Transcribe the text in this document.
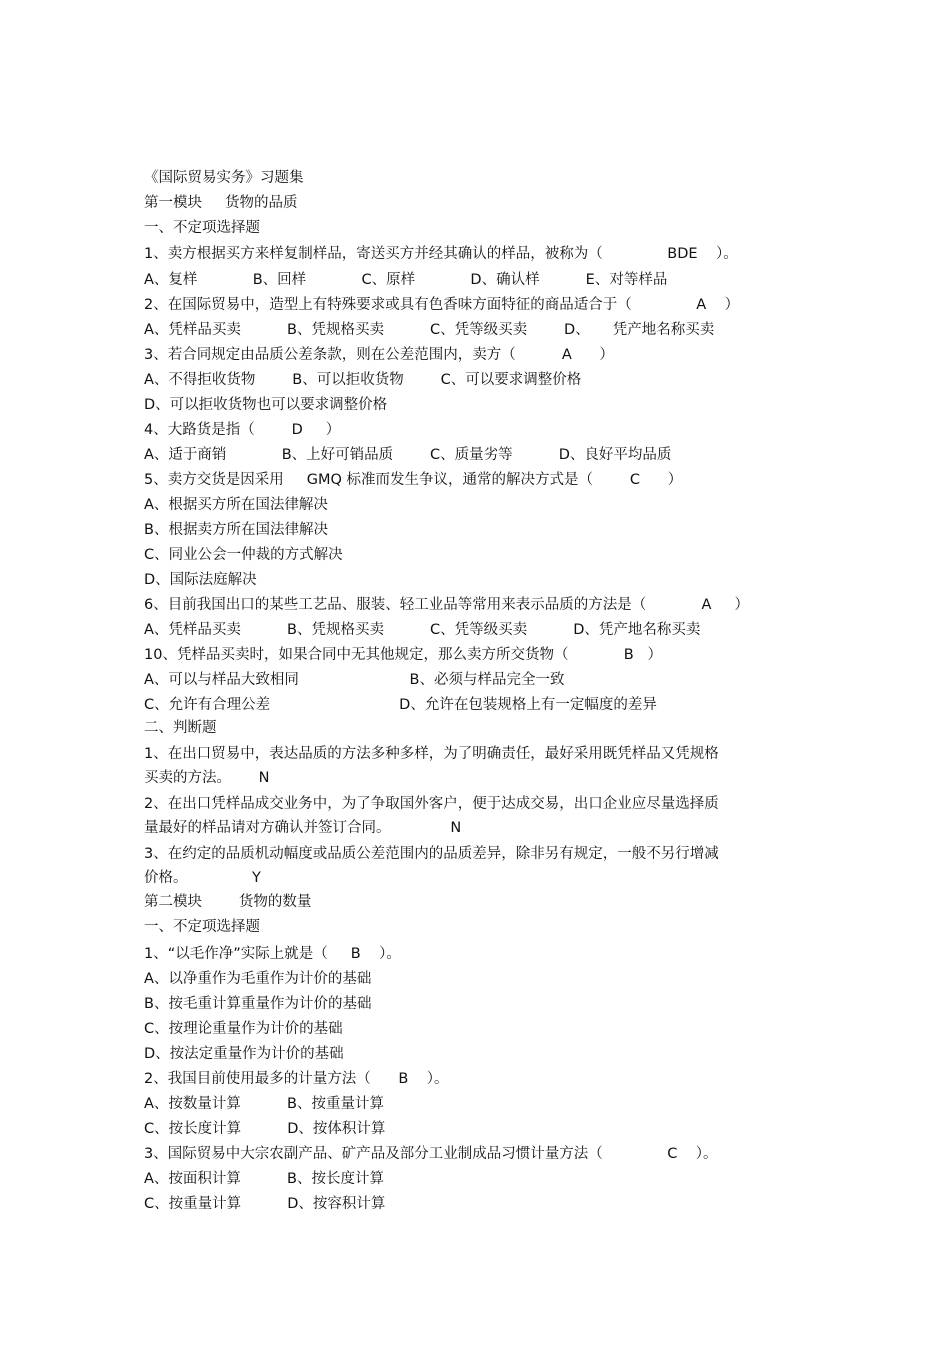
《国际贸易实务》习题集
第一模块     货物的品质
一、不定项选择题
1、卖方根据买方来样复制样品，寄送买方并经其确认的样品，被称为（              BDE    ）。
A、复样            B、回样            C、原样            D、确认样          E、对等样品
2、在国际贸易中，造型上有特殊要求或具有色香味方面特征的商品适合于（              A    ）
A、凭样品买卖          B、凭规格买卖          C、凭等级买卖        D、     凭产地名称买卖
3、若合同规定由品质公差条款，则在公差范围内，卖方（          A      ）
A、不得拒收货物        B、可以拒收货物        C、可以要求调整价格
D、可以拒收货物也可以要求调整价格
4、大路货是指（        D     ）
A、适于商销            B、上好可销品质        C、质量劣等          D、良好平均品质
5、卖方交货是因采用     GMQ 标准而发生争议，通常的解决方式是（        C      ）
A、根据买方所在国法律解决
B、根据卖方所在国法律解决
C、同业公会一仲裁的方式解决
D、国际法庭解决
6、目前我国出口的某些工艺品、服装、轻工业品等常用来表示品质的方法是（            A     ）
A、凭样品买卖          B、凭规格买卖          C、凭等级买卖          D、凭产地名称买卖
10、凭样品买卖时，如果合同中无其他规定，那么卖方所交货物（            B   ）
A、可以与样品大致相同                        B、必须与样品完全一致
C、允许有合理公差                            D、允许在包装规格上有一定幅度的差异
二、判断题
1、在出口贸易中，表达品质的方法多种多样，为了明确责任，最好采用既凭样品又凭规格
买卖的方法。      N
2、在出口凭样品成交业务中，为了争取国外客户，便于达成交易，出口企业应尽量选择质
量最好的样品请对方确认并签订合同。             N
3、在约定的品质机动幅度或品质公差范围内的品质差异，除非另有规定，一般不另行增减
价格。              Y
第二模块        货物的数量
一、不定项选择题
1、“以毛作净”实际上就是（     B    ）。
A、以净重作为毛重作为计价的基础
B、按毛重计算重量作为计价的基础
C、按理论重量作为计价的基础
D、按法定重量作为计价的基础
2、我国目前使用最多的计量方法（      B    ）。
A、按数量计算          B、按重量计算
C、按长度计算          D、按体积计算
3、国际贸易中大宗农副产品、矿产品及部分工业制成品习惯计量方法（              C    ）。
A、按面积计算          B、按长度计算
C、按重量计算          D、按容积计算
